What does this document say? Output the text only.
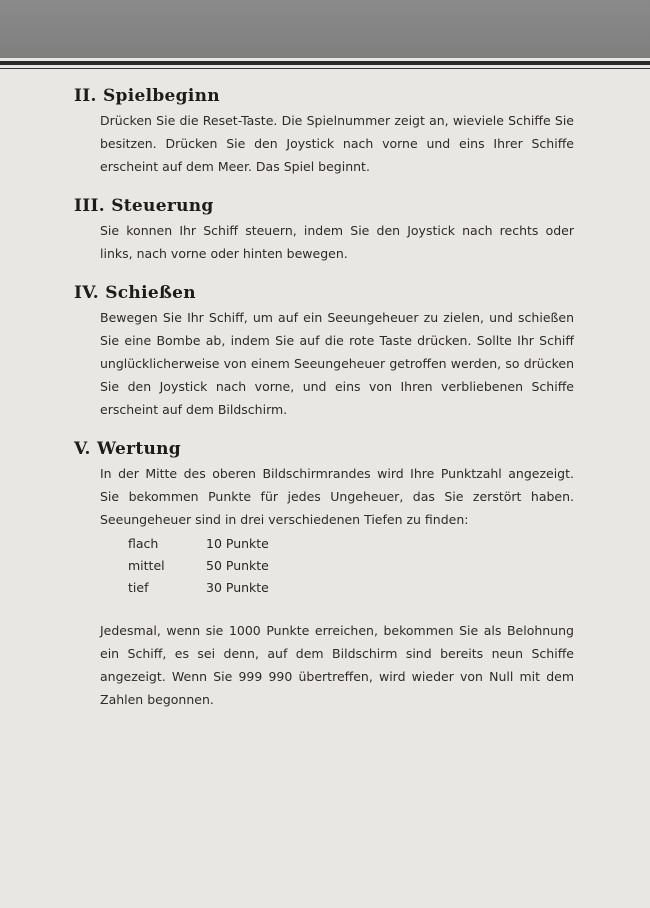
II. Spielbeginn

Drücken Sie die Reset-Taste. Die Spielnummer zeigt an, wieviele Schiffe Sie besitzen. Drücken Sie den Joystick nach vorne und eins Ihrer Schiffe erscheint auf dem Meer. Das Spiel beginnt.

III. Steuerung

Sie konnen Ihr Schiff steuern, indem Sie den Joystick nach rechts oder links, nach vorne oder hinten bewegen.

IV. Schießen

Bewegen Sie Ihr Schiff, um auf ein Seeungeheuer zu zielen, und schießen Sie eine Bombe ab, indem Sie auf die rote Taste drücken. Sollte Ihr Schiff unglücklicherweise von einem Seeungeheuer getroffen werden, so drücken Sie den Joystick nach vorne, und eins von Ihren verbliebenen Schiffe erscheint auf dem Bildschirm.

V. Wertung

In der Mitte des oberen Bildschirmrandes wird Ihre Punktzahl angezeigt. Sie bekommen Punkte für jedes Ungeheuer, das Sie zerstört haben. Seeungeheuer sind in drei verschiedenen Tiefen zu finden:

flach	10 Punkte
mittel	50 Punkte
tief	30 Punkte

Jedesmal, wenn sie 1000 Punkte erreichen, bekommen Sie als Belohnung ein Schiff, es sei denn, auf dem Bildschirm sind bereits neun Schiffe angezeigt. Wenn Sie 999 990 übertreffen, wird wieder von Null mit dem Zahlen begonnen.
